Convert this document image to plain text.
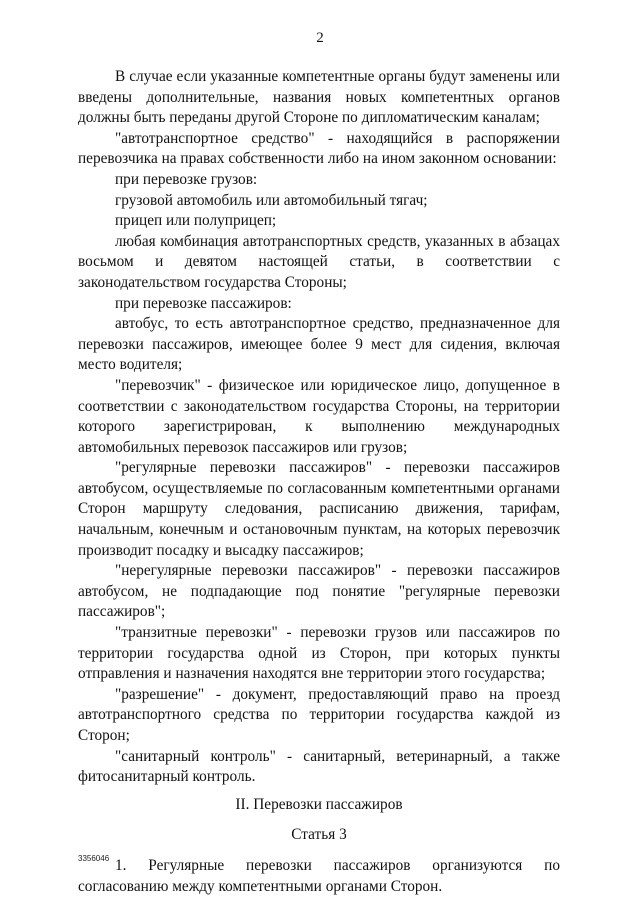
2

В случае если указанные компетентные органы будут заменены или введены дополнительные, названия новых компетентных органов должны быть переданы другой Стороне по дипломатическим каналам;

"автотранспортное средство" - находящийся в распоряжении перевозчика на правах собственности либо на ином законном основании:

при перевозке грузов:

грузовой автомобиль или автомобильный тягач;

прицеп или полуприцеп;

любая комбинация автотранспортных средств, указанных в абзацах восьмом и девятом настоящей статьи, в соответствии с законодательством государства Стороны;

при перевозке пассажиров:

автобус, то есть автотранспортное средство, предназначенное для перевозки пассажиров, имеющее более 9 мест для сидения, включая место водителя;

"перевозчик" - физическое или юридическое лицо, допущенное в соответствии с законодательством государства Стороны, на территории которого зарегистрирован, к выполнению международных автомобильных перевозок пассажиров или грузов;

"регулярные перевозки пассажиров" - перевозки пассажиров автобусом, осуществляемые по согласованным компетентными органами Сторон маршруту следования, расписанию движения, тарифам, начальным, конечным и остановочным пунктам, на которых перевозчик производит посадку и высадку пассажиров;

"нерегулярные перевозки пассажиров" - перевозки пассажиров автобусом, не подпадающие под понятие "регулярные перевозки пассажиров";

"транзитные перевозки" - перевозки грузов или пассажиров по территории государства одной из Сторон, при которых пункты отправления и назначения находятся вне территории этого государства;

"разрешение" - документ, предоставляющий право на проезд автотранспортного средства по территории государства каждой из Сторон;

"санитарный контроль" - санитарный, ветеринарный, а также фитосанитарный контроль.

II. Перевозки пассажиров
Статья 3

1. Регулярные перевозки пассажиров организуются по согласованию между компетентными органами Сторон.

3356046
